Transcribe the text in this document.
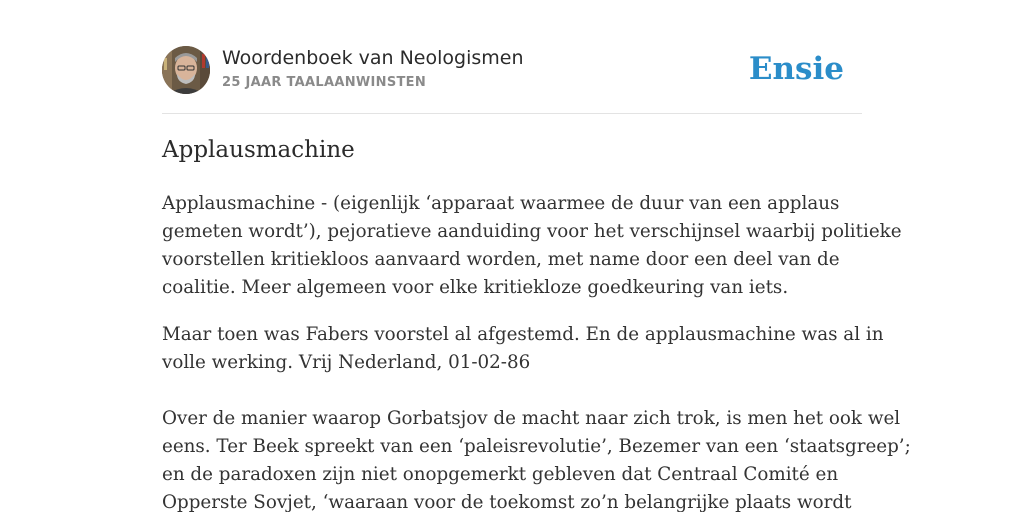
Woordenboek van Neologismen
25 JAAR TAALAANWINSTEN	Ensie
Applausmachine
Applausmachine - (eigenlijk ‘apparaat waarmee de duur van een applaus
gemeten wordt’), pejoratieve aanduiding voor het verschijnsel waarbij politieke
voorstellen kritiekloos aanvaard worden, met name door een deel van de
coalitie. Meer algemeen voor elke kritiekloze goedkeuring van iets.
Maar toen was Fabers voorstel al afgestemd. En de applausmachine was al in
volle werking. Vrij Nederland, 01-02-86
Over de manier waarop Gorbatsjov de macht naar zich trok, is men het ook wel
eens. Ter Beek spreekt van een ‘paleisrevolutie’, Bezemer van een ‘staatsgreep’;
en de paradoxen zijn niet onopgemerkt gebleven dat Centraal Comité en
Opperste Sovjet, ‘waaraan voor de toekomst zo’n belangrijke plaats wordt
